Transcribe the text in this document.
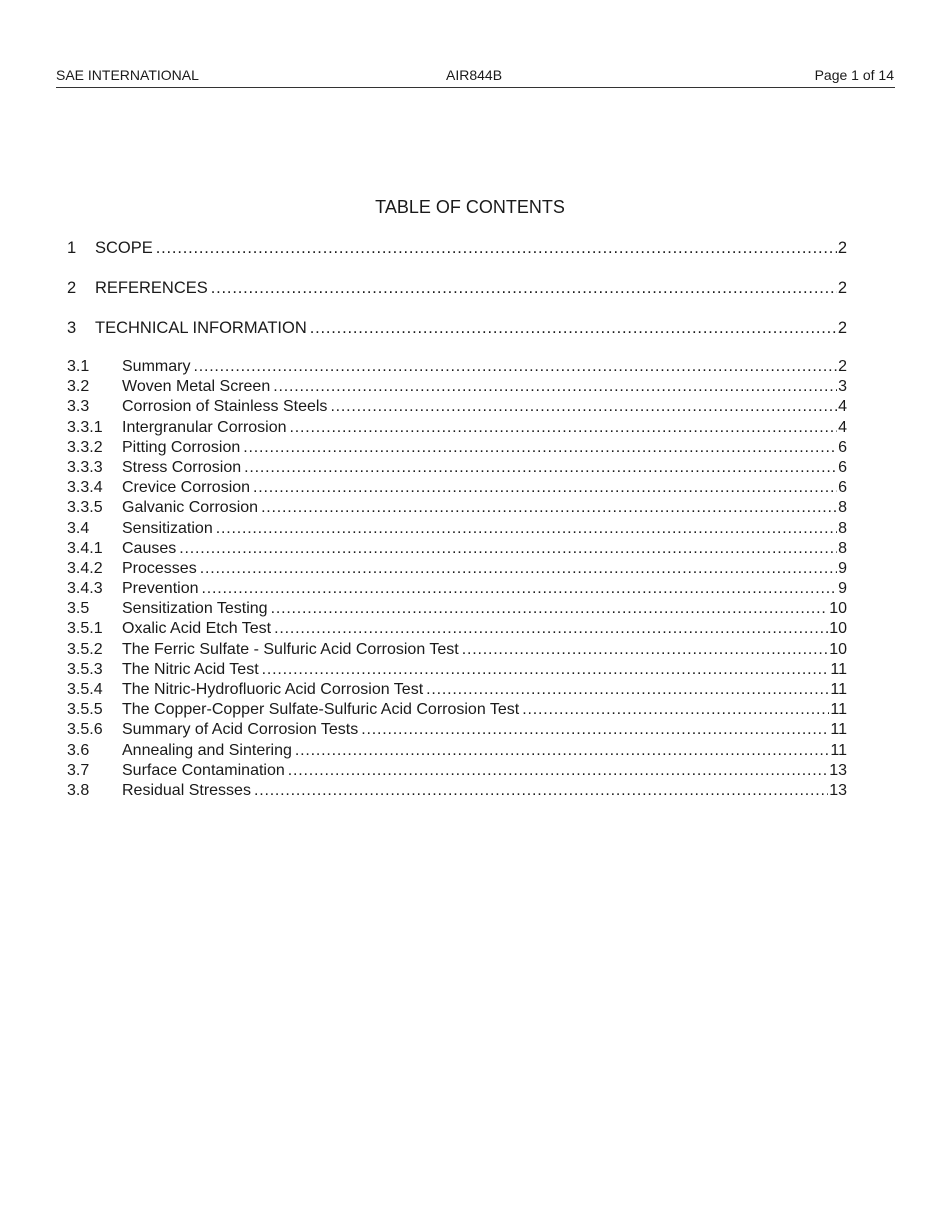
SAE INTERNATIONAL	AIR844B	Page 1 of 14
TABLE OF CONTENTS
1	SCOPE .....	2
2	REFERENCES .....	2
3	TECHNICAL INFORMATION .....	2
3.1	Summary .....	2
3.2	Woven Metal Screen .....	3
3.3	Corrosion of Stainless Steels .....	4
3.3.1	Intergranular Corrosion .....	4
3.3.2	Pitting Corrosion .....	6
3.3.3	Stress Corrosion .....	6
3.3.4	Crevice Corrosion .....	6
3.3.5	Galvanic Corrosion .....	8
3.4	Sensitization .....	8
3.4.1	Causes .....	8
3.4.2	Processes .....	9
3.4.3	Prevention .....	9
3.5	Sensitization Testing .....	10
3.5.1	Oxalic Acid Etch Test .....	10
3.5.2	The Ferric Sulfate - Sulfuric Acid Corrosion Test .....	10
3.5.3	The Nitric Acid Test .....	11
3.5.4	The Nitric-Hydrofluoric Acid Corrosion Test .....	11
3.5.5	The Copper-Copper Sulfate-Sulfuric Acid Corrosion Test .....	11
3.5.6	Summary of Acid Corrosion Tests .....	11
3.6	Annealing and Sintering .....	11
3.7	Surface Contamination .....	13
3.8	Residual Stresses .....	13
